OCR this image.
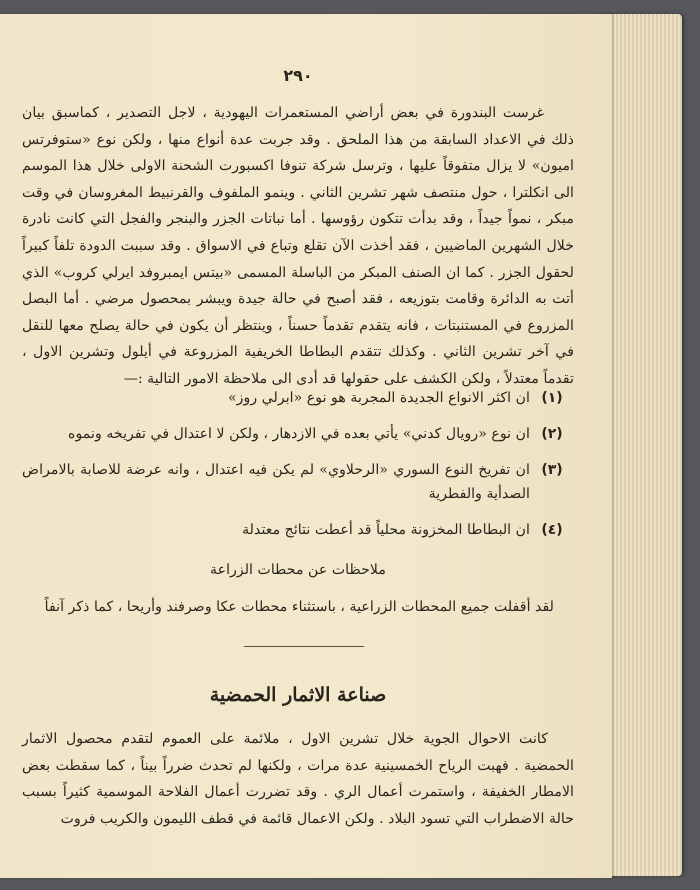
٢٩٠

غرست البندورة في بعض أراضي المستعمرات اليهودية ، لاجل التصدير ، كماسبق بيان ذلك في الاعداد السابقة من هذا الملحق . وقد جربت عدة أنواع منها ، ولكن نوع «ستوفرتس اميون» لا يزال متفوقاً عليها ، وترسل شركة تنوفا اكسبورت الشحنة الاولى خلال هذا الموسم الى انكلترا ، حول منتصف شهر تشرين الثاني . وينمو الملفوف والقرنبيط المغروسان في وقت مبكر ، نمواً جيداً ، وقد بدأت تتكون رؤوسها . أما نباتات الجزر والبنجر والفجل التي كانت نادرة خلال الشهرين الماضيين ، فقد أخذت الآن تقلع وتباع في الاسواق . وقد سببت الدودة تلفاً كبيراً لحقول الجزر . كما ان الصنف المبكر من الباسلة المسمى «بيتس ايمبروفد ايرلي كروب» الذي أتت به الدائرة وقامت بتوزيعه ، فقد أصبح في حالة جيدة ويبشر بمحصول مرضي . أما البصل المزروع في المستنبتات ، فانه يتقدم تقدماً حسناً ، وينتظر أن يكون في حالة يصلح معها للنقل في آخر تشرين الثاني . وكذلك تتقدم البطاطا الخريفية المزروعة في أيلول وتشرين الاول ، تقدماً معتدلاً ، ولكن الكشف على حقولها قد أدى الى ملاحظة الامور التالية :—

(١)
ان اكثر الانواع الجديدة المجربة هو نوع «ابرلي روز»
(٢)
ان نوع «رويال كدني» يأتي بعده في الازدهار ، ولكن لا اعتدال في تفريخه ونموه
(٣)
ان تفريخ النوع السوري «الرحلاوي» لم يكن فيه اعتدال ، وانه عرضة للاصابة بالامراض الصدأية والفطرية
(٤)
ان البطاطا المخزونة محلياً قد أعطت نتائج معتدلة
ملاحظات عن محطات الزراعة

لقد أقفلت جميع المحطات الزراعية ، باستثناء محطات عكا وصرفند وأريحا ، كما ذكر آنفاً

صناعة الاثمار الحمضية

كانت الاحوال الجوية خلال تشرين الاول ، ملائمة على العموم لتقدم محصول الاثمار الحمضية . فهبت الرياح الخمسينية عدة مرات ، ولكنها لم تحدث ضرراً بيناً ، كما سقطت بعض الامطار الخفيفة ، واستمرت أعمال الري . وقد تضررت أعمال الفلاحة الموسمية كثيراً بسبب حالة الاضطراب التي تسود البلاد . ولكن الاعمال قائمة في قطف الليمون والكريب فروت
